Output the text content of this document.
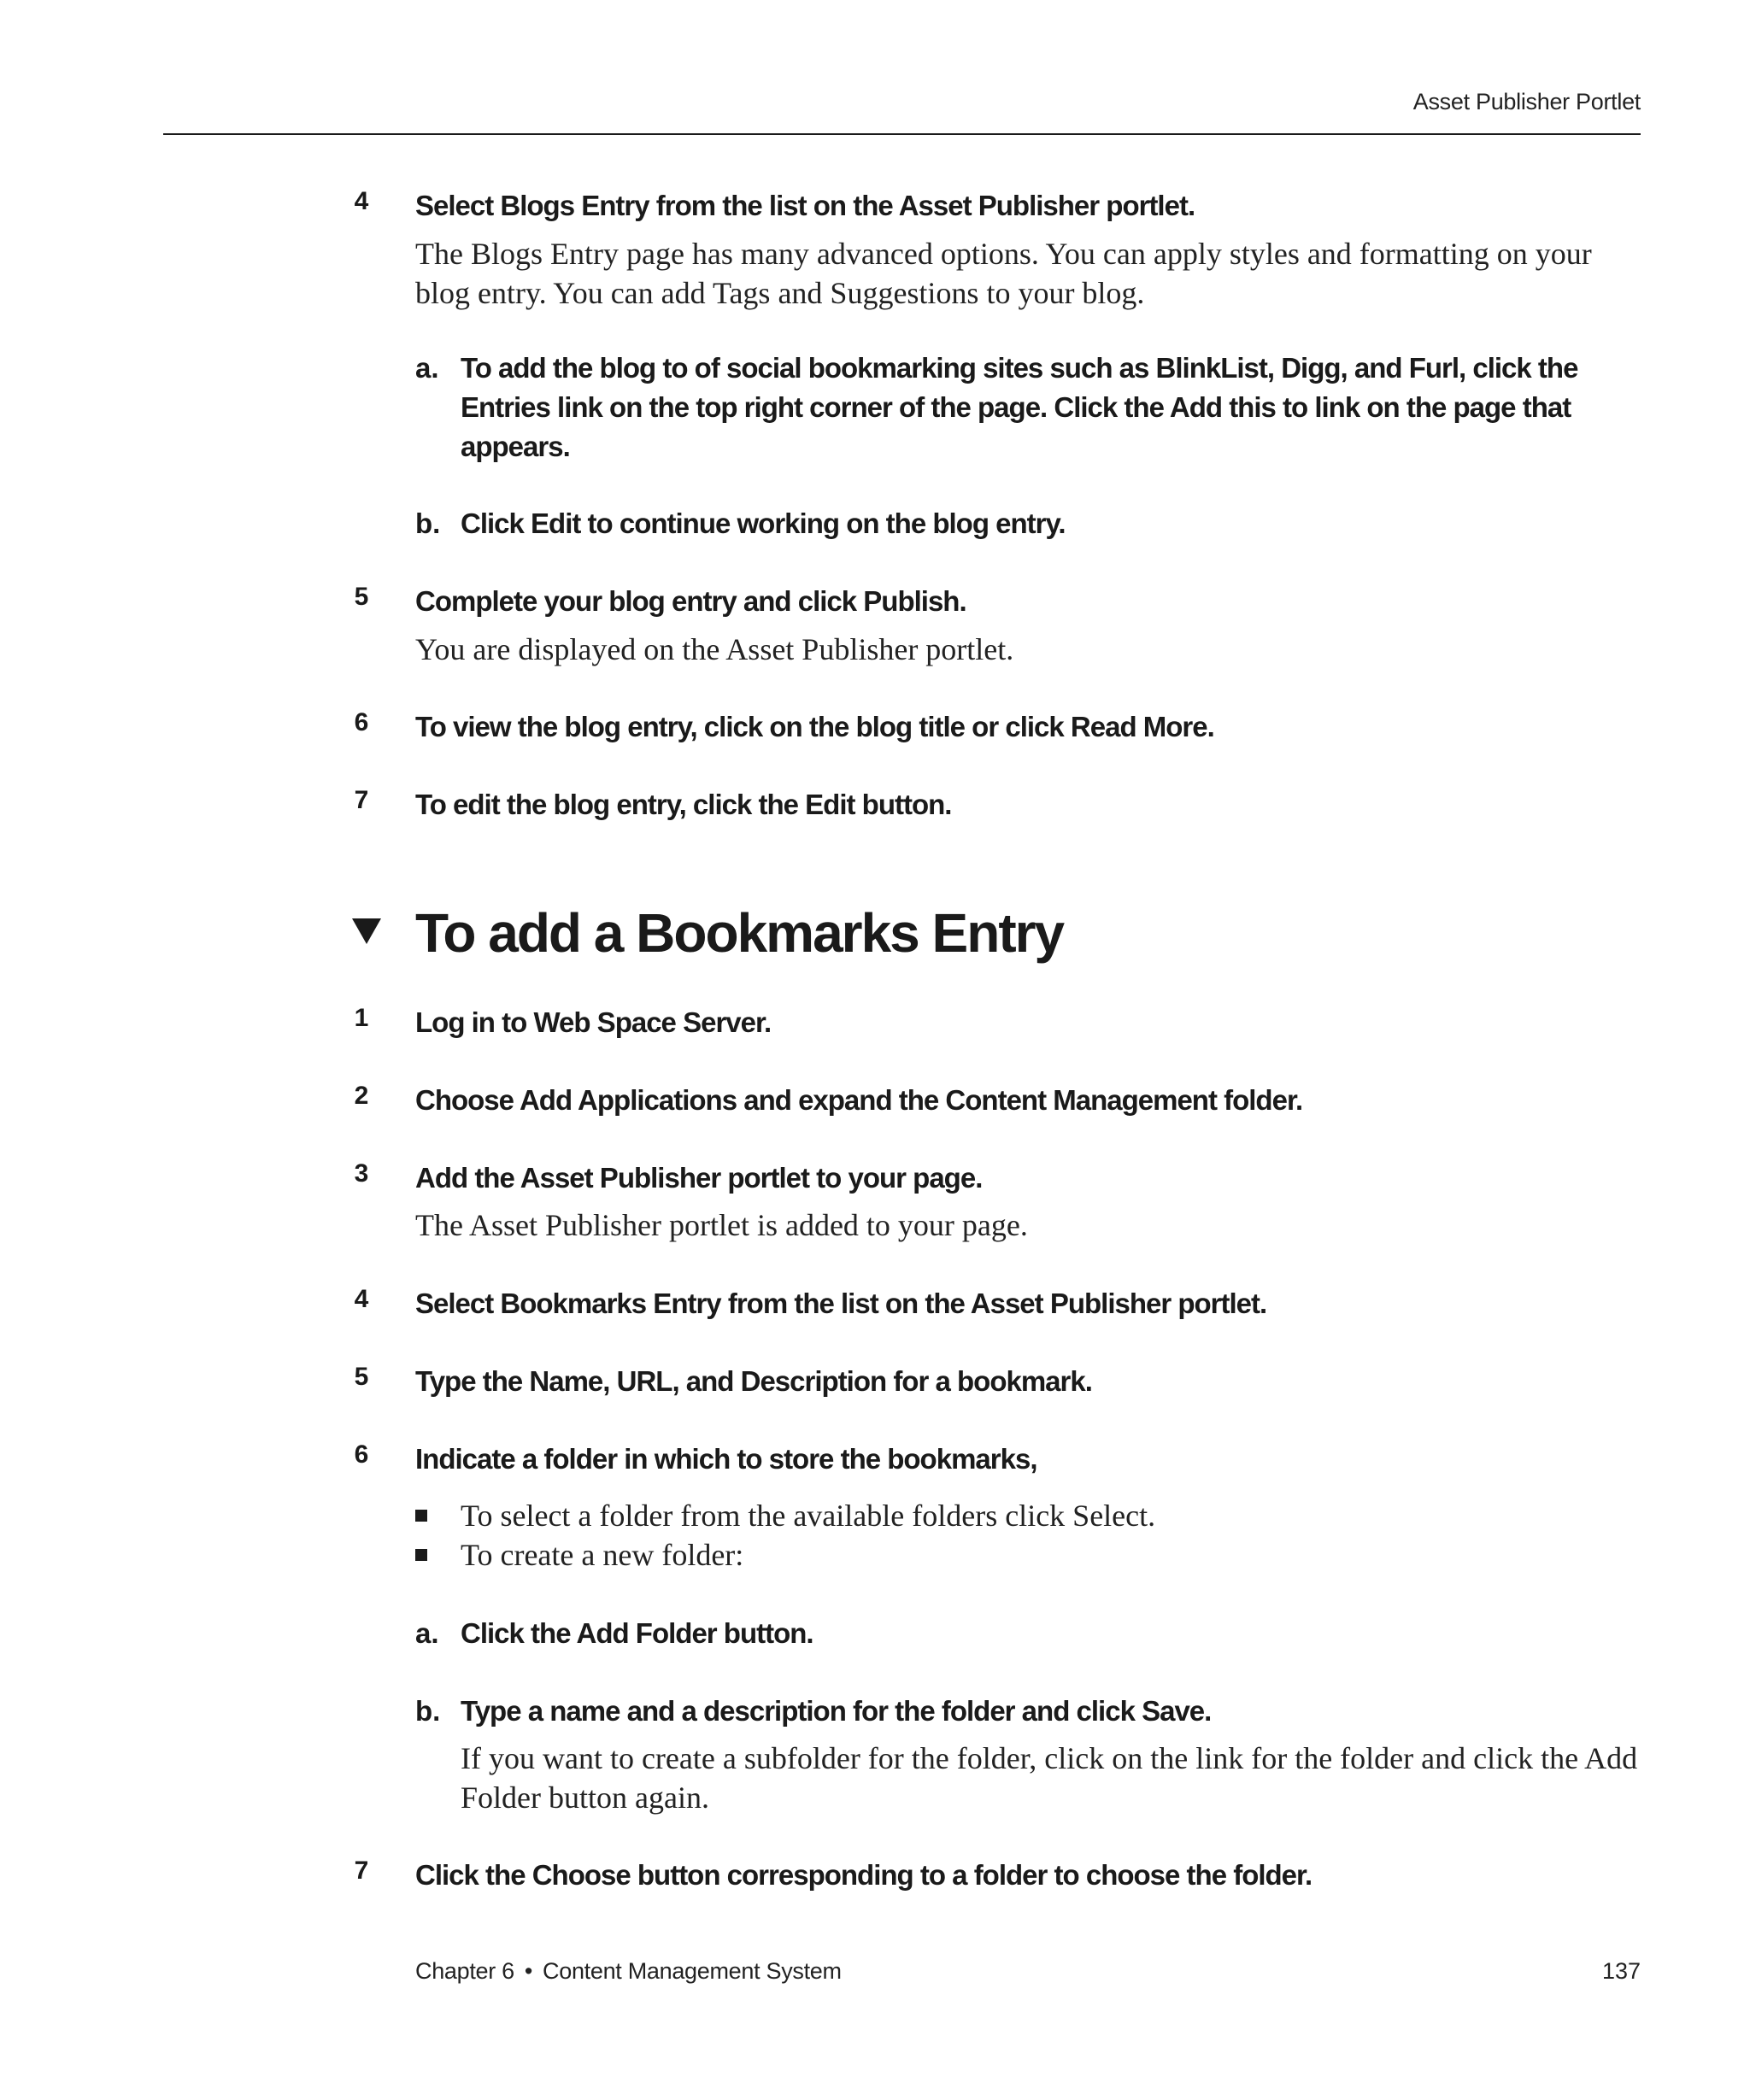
Asset Publisher Portlet
4 Select Blogs Entry from the list on the Asset Publisher portlet.
The Blogs Entry page has many advanced options. You can apply styles and formatting on your blog entry. You can add Tags and Suggestions to your blog.
a. To add the blog to of social bookmarking sites such as BlinkList, Digg, and Furl, click the Entries link on the top right corner of the page. Click the Add this to link on the page that appears.
b. Click Edit to continue working on the blog entry.
5 Complete your blog entry and click Publish.
You are displayed on the Asset Publisher portlet.
6 To view the blog entry, click on the blog title or click Read More.
7 To edit the blog entry, click the Edit button.
To add a Bookmarks Entry
1 Log in to Web Space Server.
2 Choose Add Applications and expand the Content Management folder.
3 Add the Asset Publisher portlet to your page.
The Asset Publisher portlet is added to your page.
4 Select Bookmarks Entry from the list on the Asset Publisher portlet.
5 Type the Name, URL, and Description for a bookmark.
6 Indicate a folder in which to store the bookmarks,
To select a folder from the available folders click Select.
To create a new folder:
a. Click the Add Folder button.
b. Type a name and a description for the folder and click Save.
If you want to create a subfolder for the folder, click on the link for the folder and click the Add Folder button again.
7 Click the Choose button corresponding to a folder to choose the folder.
Chapter 6 • Content Management System	137
